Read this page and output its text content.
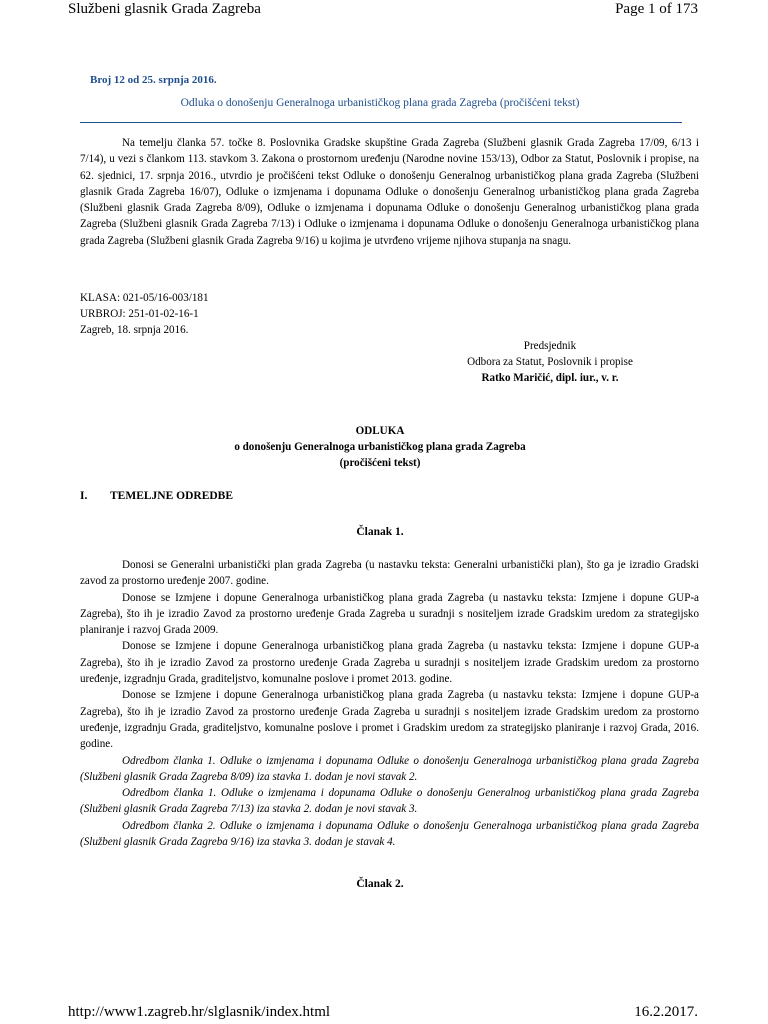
Službeni glasnik Grada Zagreba	Page 1 of 173
Broj 12 od 25. srpnja 2016.
Odluka o donošenju Generalnoga urbanističkog plana grada Zagreba (pročišćeni tekst)

Na temelju članka 57. točke 8. Poslovnika Gradske skupštine Grada Zagreba (Službeni glasnik Grada Zagreba 17/09, 6/13 i 7/14), u vezi s člankom 113. stavkom 3. Zakona o prostornom uređenju (Narodne novine 153/13), Odbor za Statut, Poslovnik i propise, na 62. sjednici, 17. srpnja 2016., utvrdio je pročišćeni tekst Odluke o donošenju Generalnog urbanističkog plana grada Zagreba (Službeni glasnik Grada Zagreba 16/07), Odluke o izmjenama i dopunama Odluke o donošenju Generalnog urbanističkog plana grada Zagreba (Službeni glasnik Grada Zagreba 8/09), Odluke o izmjenama i dopunama Odluke o donošenju Generalnog urbanističkog plana grada Zagreba (Službeni glasnik Grada Zagreba 7/13) i Odluke o izmjenama i dopunama Odluke o donošenju Generalnoga urbanističkog plana grada Zagreba (Službeni glasnik Grada Zagreba 9/16) u kojima je utvrđeno vrijeme njihova stupanja na snagu.

KLASA: 021-05/16-003/181
URBROJ: 251-01-02-16-1
Zagreb, 18. srpnja 2016.
Predsjednik
Odbora za Statut, Poslovnik i propise
Ratko Maričić, dipl. iur., v. r.
ODLUKA
o donošenju Generalnoga urbanističkog plana grada Zagreba
(pročišćeni tekst)
I. TEMELJNE ODREDBE
Članak 1.

Donosi se Generalni urbanistički plan grada Zagreba (u nastavku teksta: Generalni urbanistički plan), što ga je izradio Gradski zavod za prostorno uređenje 2007. godine.

Donose se Izmjene i dopune Generalnoga urbanističkog plana grada Zagreba (u nastavku teksta: Izmjene i dopune GUP-a Zagreba), što ih je izradio Zavod za prostorno uređenje Grada Zagreba u suradnji s nositeljem izrade Gradskim uredom za strategijsko planiranje i razvoj Grada 2009.

Donose se Izmjene i dopune Generalnoga urbanističkog plana grada Zagreba (u nastavku teksta: Izmjene i dopune GUP-a Zagreba), što ih je izradio Zavod za prostorno uređenje Grada Zagreba u suradnji s nositeljem izrade Gradskim uredom za prostorno uređenje, izgradnju Grada, graditeljstvo, komunalne poslove i promet 2013. godine.

Donose se Izmjene i dopune Generalnoga urbanističkog plana grada Zagreba (u nastavku teksta: Izmjene i dopune GUP-a Zagreba), što ih je izradio Zavod za prostorno uređenje Grada Zagreba u suradnji s nositeljem izrade Gradskim uredom za prostorno uređenje, izgradnju Grada, graditeljstvo, komunalne poslove i promet i Gradskim uredom za strategijsko planiranje i razvoj Grada, 2016. godine.

Odredbom članka 1. Odluke o izmjenama i dopunama Odluke o donošenju Generalnoga urbanističkog plana grada Zagreba (Službeni glasnik Grada Zagreba 8/09) iza stavka 1. dodan je novi stavak 2.

Odredbom članka 1. Odluke o izmjenama i dopunama Odluke o donošenju Generalnog urbanističkog plana grada Zagreba (Službeni glasnik Grada Zagreba 7/13) iza stavka 2. dodan je novi stavak 3.

Odredbom članka 2. Odluke o izmjenama i dopunama Odluke o donošenju Generalnoga urbanističkog plana grada Zagreba (Službeni glasnik Grada Zagreba 9/16) iza stavka 3. dodan je stavak 4.

Članak 2.
http://www1.zagreb.hr/slglasnik/index.html	16.2.2017.
